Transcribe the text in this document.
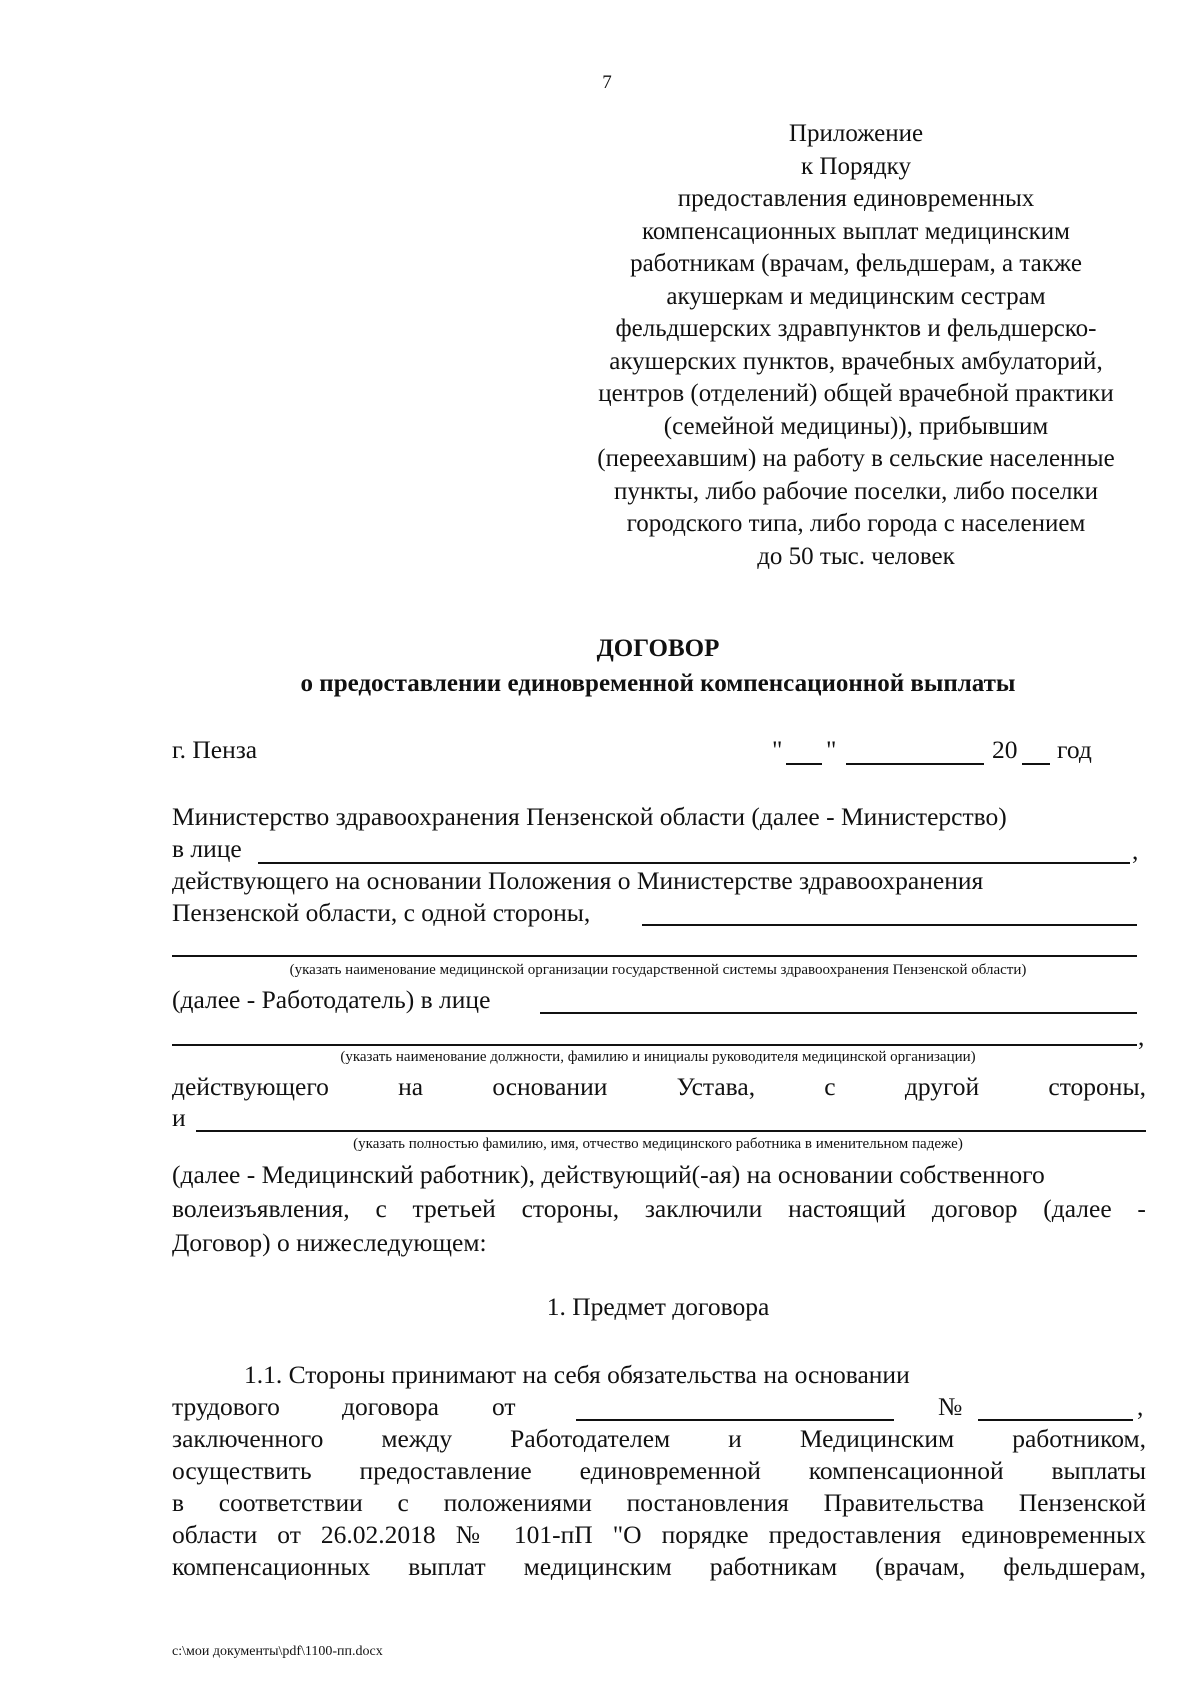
7
Приложение
к Порядку
предоставления единовременных
компенсационных выплат медицинским
работникам (врачам, фельдшерам, а также
акушеркам и медицинским сестрам
фельдшерских здравпунктов и фельдшерско-
акушерских пунктов, врачебных амбулаторий,
центров (отделений) общей врачебной практики
(семейной медицины)), прибывшим
(переехавшим) на работу в сельские населенные
пункты, либо рабочие поселки, либо поселки
городского типа, либо города с населением
до 50 тыс. человек
ДОГОВОР
о предоставлении единовременной компенсационной выплаты
г. Пенза	" "	20 год
Министерство здравоохранения Пензенской области (далее - Министерство)
в лице	,
действующего на основании Положения о Министерстве здравоохранения
Пензенской области, с одной стороны,
(указать наименование медицинской организации государственной системы здравоохранения Пензенской области)
(далее - Работодатель) в лице
,
(указать наименование должности, фамилию и инициалы руководителя медицинской организации)
действующего	на	основании	Устава,	с	другой	стороны,
и
(указать полностью фамилию, имя, отчество медицинского работника в именительном падеже)
(далее - Медицинский работник), действующий(-ая) на основании собственного
волеизъявления, с третьей стороны, заключили настоящий договор (далее -
Договор) о нижеследующем:
1. Предмет договора
1.1. Стороны принимают на себя обязательства на основании
трудового договора от	№	,
заключенного между Работодателем и Медицинским работником,
осуществить предоставление единовременной компенсационной выплаты
в соответствии с положениями постановления Правительства Пензенской
области от 26.02.2018 № 101-пП "О порядке предоставления единовременных
компенсационных выплат медицинским работникам (врачам, фельдшерам,
c:\мои документы\pdf\1100-пп.docx
